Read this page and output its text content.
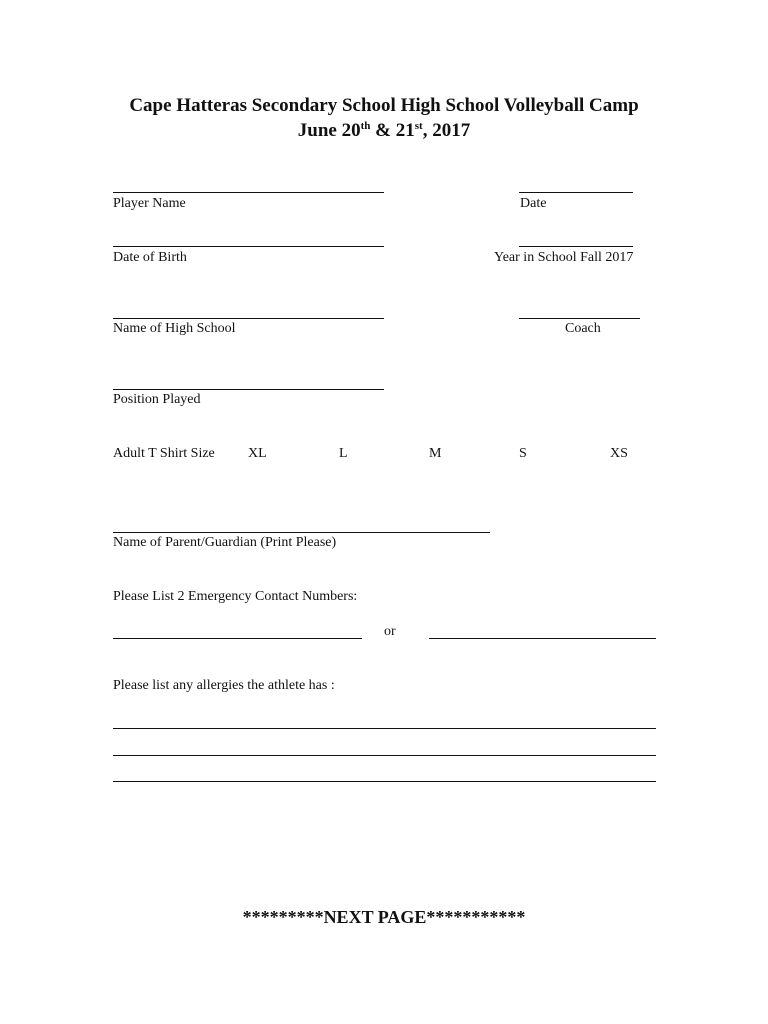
Cape Hatteras Secondary School High School Volleyball Camp
June 20th & 21st, 2017
Player Name	Date
Date of Birth	Year in School Fall 2017
Name of High School	Coach
Position Played
Adult T Shirt Size XL	L	M	S	XS
Name of Parent/Guardian (Print Please)
Please List 2 Emergency Contact Numbers:
or
Please list any allergies the athlete has :
*********NEXT PAGE***********
